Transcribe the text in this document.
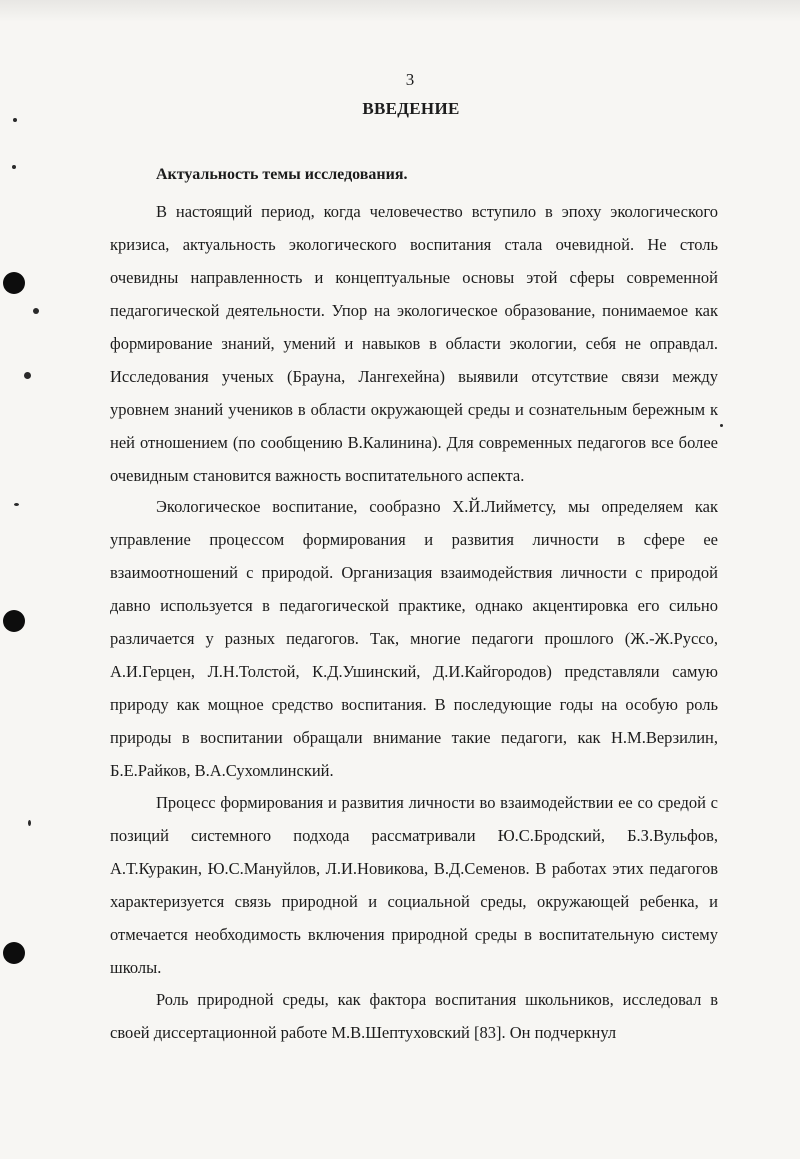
3
ВВЕДЕНИЕ
Актуальность темы исследования.

В настоящий период, когда человечество вступило в эпоху экологического кризиса, актуальность экологического воспитания стала очевидной. Не столь очевидны направленность и концептуальные основы этой сферы современной педагогической деятельности. Упор на экологическое образование, понимаемое как формирование знаний, умений и навыков в области экологии, себя не оправдал. Исследования ученых (Брауна, Лангехейна) выявили отсутствие связи между уровнем знаний учеников в области окружающей среды и сознательным бережным к ней отношением (по сообщению В.Калинина). Для современных педагогов все более очевидным становится важность воспитательного аспекта.

Экологическое воспитание, сообразно Х.Й.Лийметсу, мы определяем как управление процессом формирования и развития личности в сфере ее взаимоотношений с природой. Организация взаимодействия личности с природой давно используется в педагогической практике, однако акцентировка его сильно различается у разных педагогов. Так, многие педагоги прошлого (Ж.-Ж.Руссо, А.И.Герцен, Л.Н.Толстой, К.Д.Ушинский, Д.И.Кайгородов) представляли самую природу как мощное средство воспитания. В последующие годы на особую роль природы в воспитании обращали внимание такие педагоги, как Н.М.Верзилин, Б.Е.Райков, В.А.Сухомлинский.

Процесс формирования и развития личности во взаимодействии ее со средой с позиций системного подхода рассматривали Ю.С.Бродский, Б.З.Вульфов, А.Т.Куракин, Ю.С.Мануйлов, Л.И.Новикова, В.Д.Семенов. В работах этих педагогов характеризуется связь природной и социальной среды, окружающей ребенка, и отмечается необходимость включения природной среды в воспитательную систему школы.

Роль природной среды, как фактора воспитания школьников, исследовал в своей диссертационной работе М.В.Шептуховский [83]. Он подчеркнул
